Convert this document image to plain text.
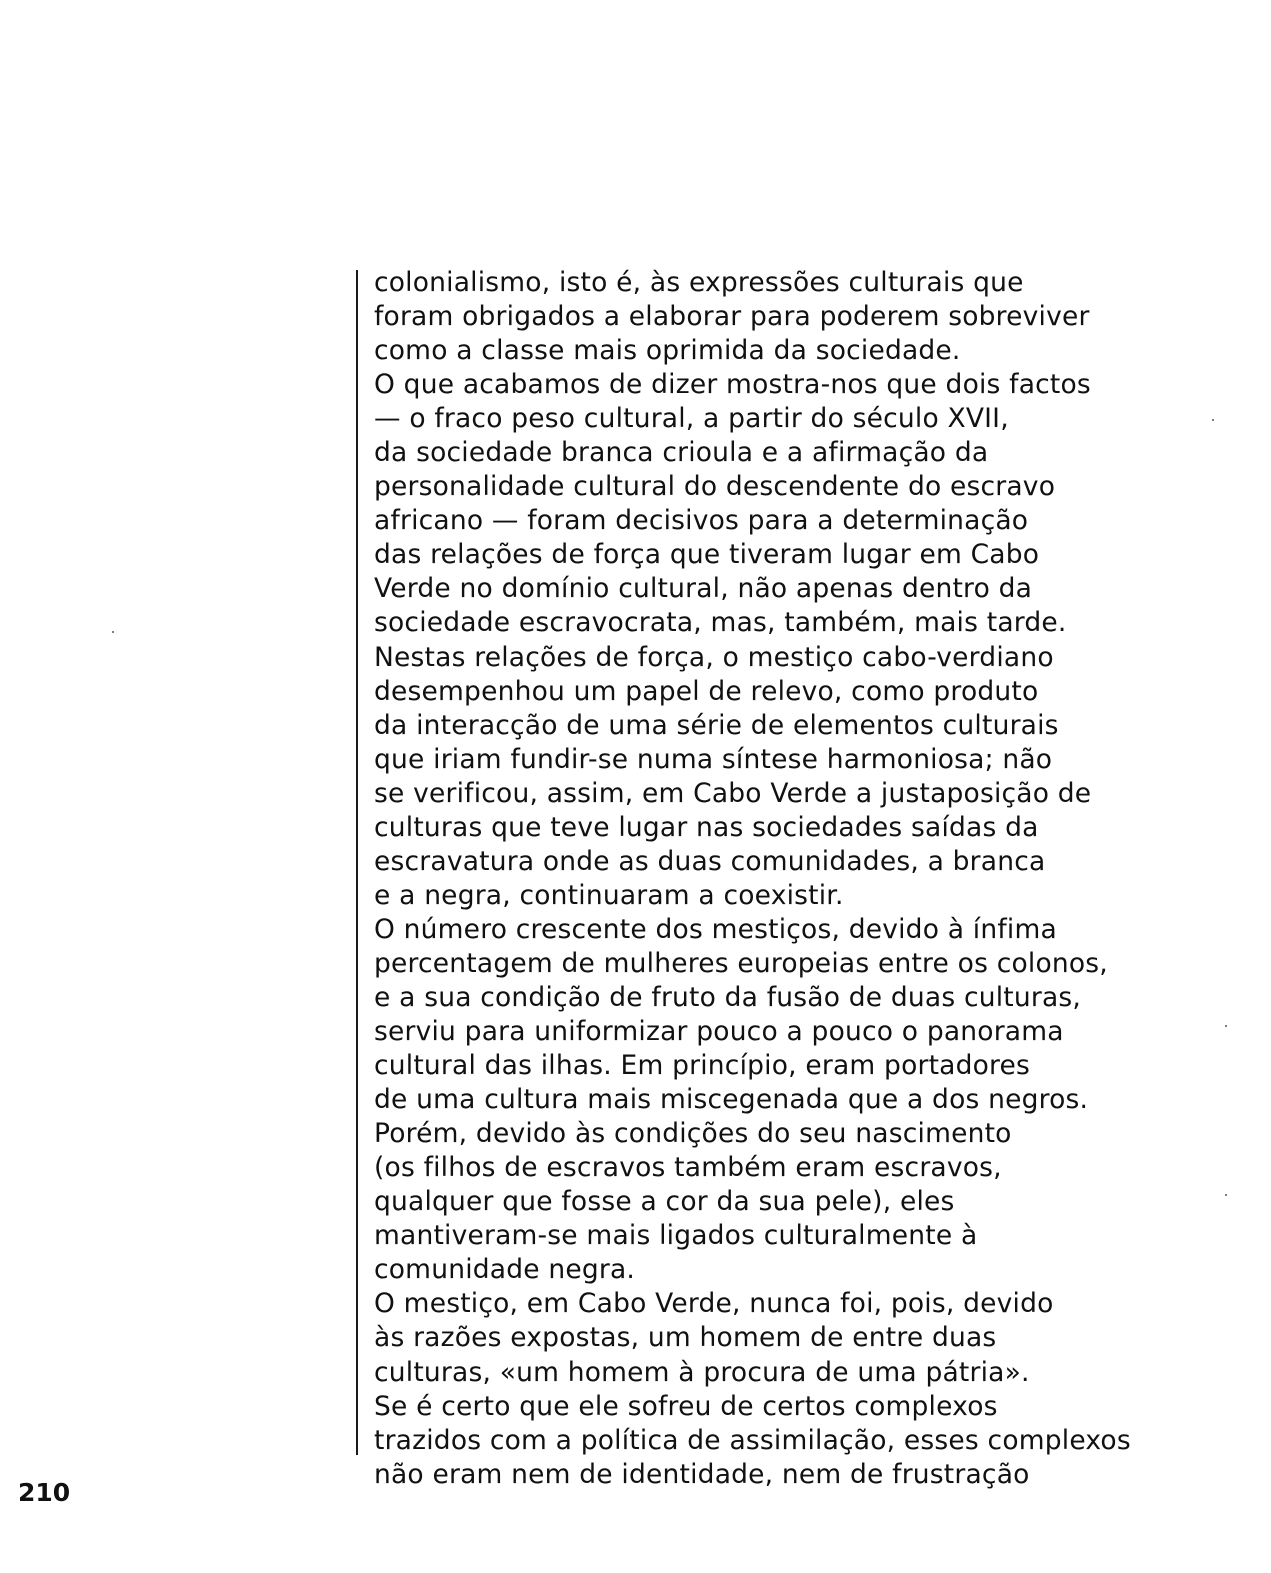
colonialismo, isto é, às expressões culturais que
foram obrigados a elaborar para poderem sobreviver
como a classe mais oprimida da sociedade.
O que acabamos de dizer mostra-nos que dois factos
— o fraco peso cultural, a partir do século XVII,
da sociedade branca crioula e a afirmação da
personalidade cultural do descendente do escravo
africano — foram decisivos para a determinação
das relações de força que tiveram lugar em Cabo
Verde no domínio cultural, não apenas dentro da
sociedade escravocrata, mas, também, mais tarde.
Nestas relações de força, o mestiço cabo-verdiano
desempenhou um papel de relevo, como produto
da interacção de uma série de elementos culturais
que iriam fundir-se numa síntese harmoniosa; não
se verificou, assim, em Cabo Verde a justaposição de
culturas que teve lugar nas sociedades saídas da
escravatura onde as duas comunidades, a branca
e a negra, continuaram a coexistir.
O número crescente dos mestiços, devido à ínfima
percentagem de mulheres europeias entre os colonos,
e a sua condição de fruto da fusão de duas culturas,
serviu para uniformizar pouco a pouco o panorama
cultural das ilhas. Em princípio, eram portadores
de uma cultura mais miscegenada que a dos negros.
Porém, devido às condições do seu nascimento
(os filhos de escravos também eram escravos,
qualquer que fosse a cor da sua pele), eles
mantiveram-se mais ligados culturalmente à
comunidade negra.
O mestiço, em Cabo Verde, nunca foi, pois, devido
às razões expostas, um homem de entre duas
culturas, «um homem à procura de uma pátria».
Se é certo que ele sofreu de certos complexos
trazidos com a política de assimilação, esses complexos
não eram nem de identidade, nem de frustração
210
